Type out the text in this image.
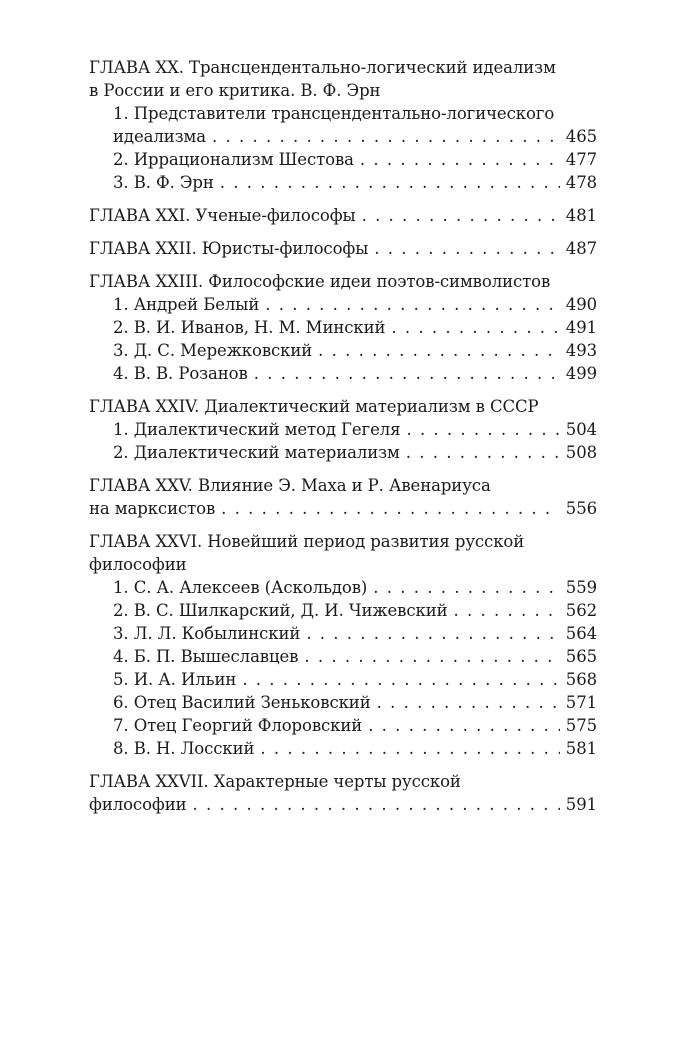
ГЛАВА XX. Трансцендентально-логический идеализм
в России и его критика. В. Ф. Эрн
1. Представители трансцендентально-логического
идеализма . . .	465
2. Иррационализм Шестова . . .	477
3. В. Ф. Эрн . . .	478
ГЛАВА XXI. Ученые-философы . . .	481
ГЛАВА XXII. Юристы-философы . . .	487
ГЛАВА XXIII. Философские идеи поэтов-символистов
1. Андрей Белый . . .	490
2. В. И. Иванов, Н. М. Минский . . .	491
3. Д. С. Мережковский . . .	493
4. В. В. Розанов . . .	499
ГЛАВА XXIV. Диалектический материализм в СССР
1. Диалектический метод Гегеля . . .	504
2. Диалектический материализм . . .	508
ГЛАВА XXV. Влияние Э. Маха и Р. Авенариуса
на марксистов . . .	556
ГЛАВА XXVI. Новейший период развития русской
философии
1. С. А. Алексеев (Аскольдов) . . .	559
2. В. С. Шилкарский, Д. И. Чижевский . . .	562
3. Л. Л. Кобылинский . . .	564
4. Б. П. Вышеславцев . . .	565
5. И. А. Ильин . . .	568
6. Отец Василий Зеньковский . . .	571
7. Отец Георгий Флоровский . . .	575
8. В. Н. Лосский . . .	581
ГЛАВА XXVII. Характерные черты русской
философии . . .	591
